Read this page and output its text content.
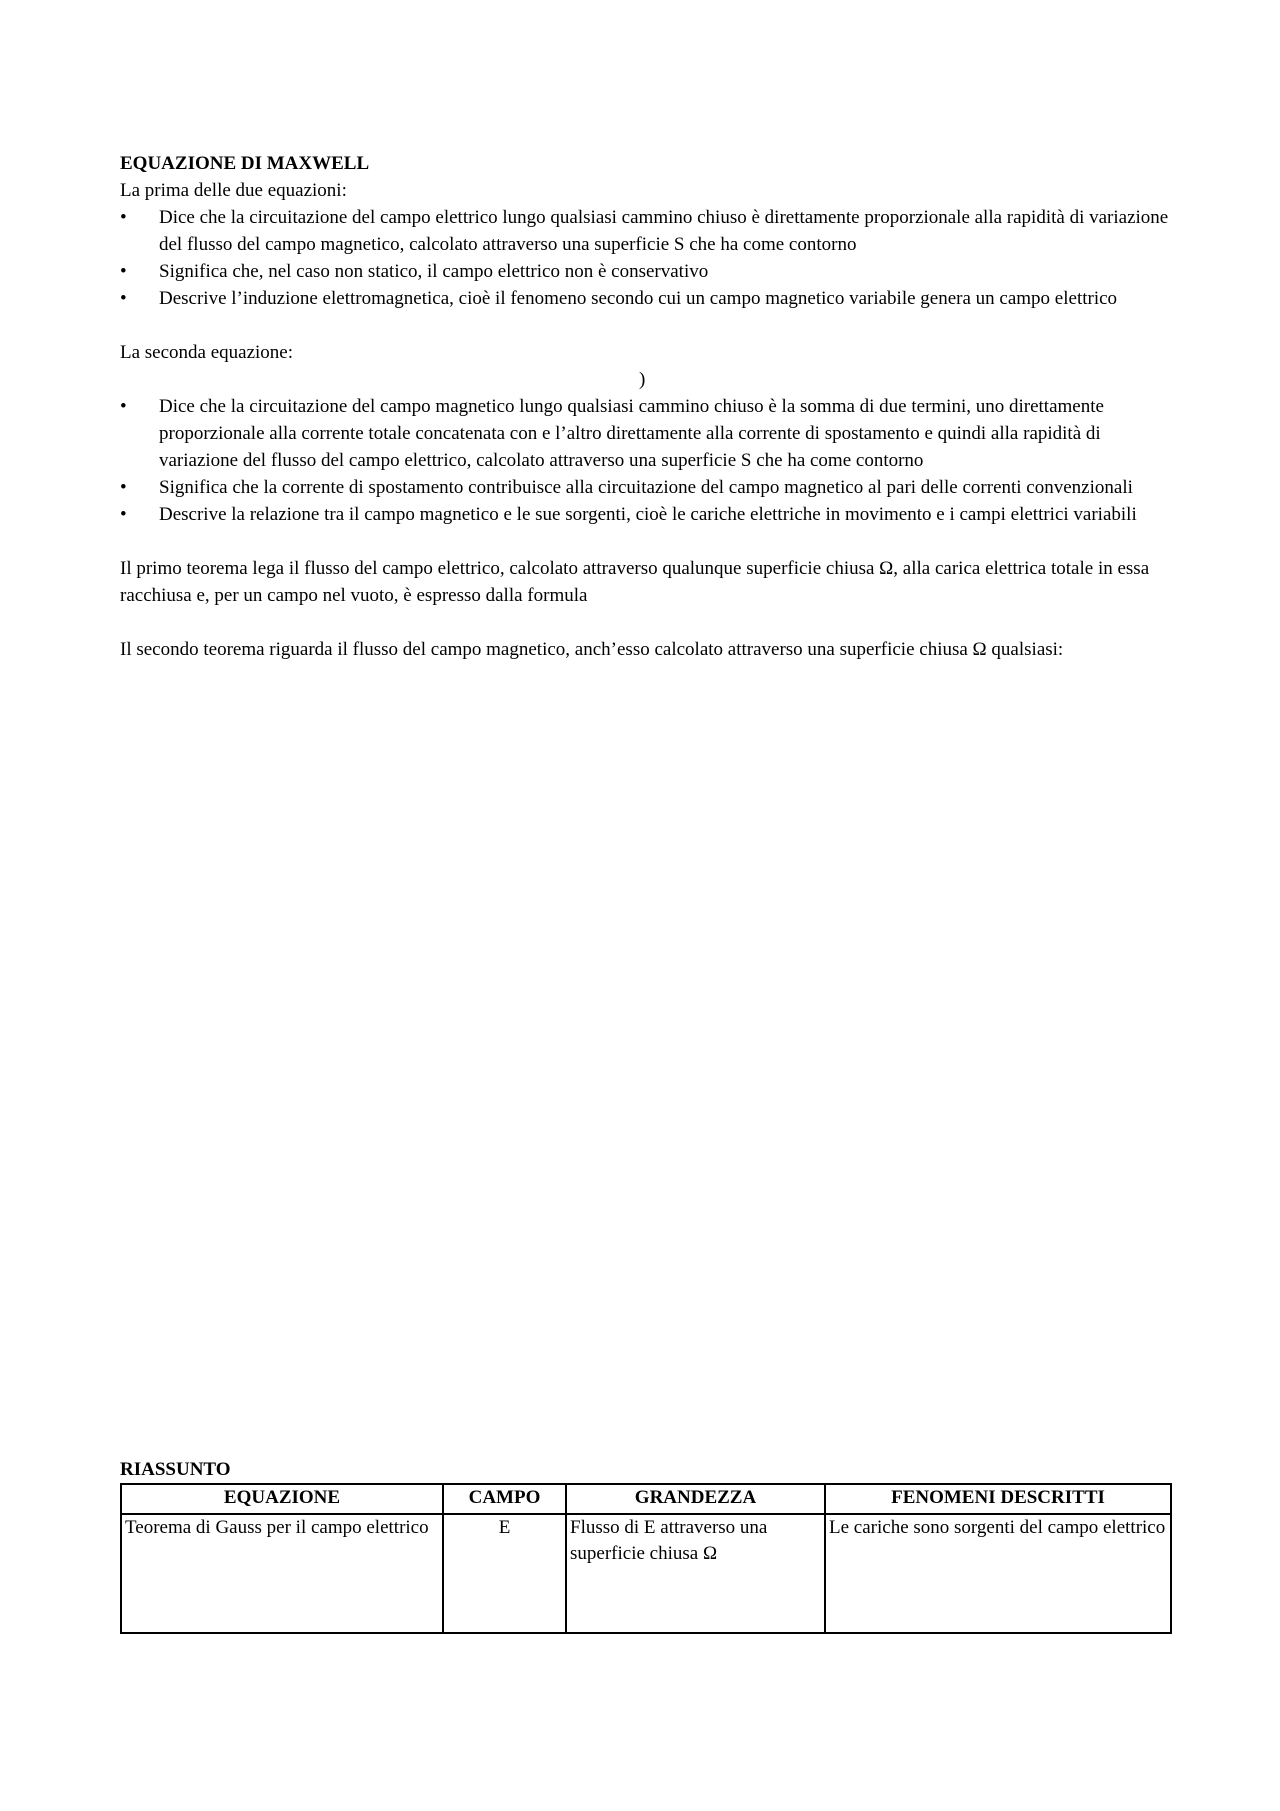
EQUAZIONE DI MAXWELL

La prima delle due equazioni:

• Dice che la circuitazione del campo elettrico lungo qualsiasi cammino chiuso è direttamente proporzionale alla rapidità di variazione del flusso del campo magnetico, calcolato attraverso una superficie S che ha come contorno
• Significa che, nel caso non statico, il campo elettrico non è conservativo
• Descrive l’induzione elettromagnetica, cioè il fenomeno secondo cui un campo magnetico variabile genera un campo elettrico

La seconda equazione:

)

• Dice che la circuitazione del campo magnetico lungo qualsiasi cammino chiuso è la somma di due termini, uno direttamente proporzionale alla corrente totale concatenata con e l’altro direttamente alla corrente di spostamento e quindi alla rapidità di variazione del flusso del campo elettrico, calcolato attraverso una superficie S che ha come contorno
• Significa che la corrente di spostamento contribuisce alla circuitazione del campo magnetico al pari delle correnti convenzionali
• Descrive la relazione tra il campo magnetico e le sue sorgenti, cioè le cariche elettriche in movimento e i campi elettrici variabili

Il primo teorema lega il flusso del campo elettrico, calcolato attraverso qualunque superficie chiusa Ω, alla carica elettrica totale in essa racchiusa e, per un campo nel vuoto, è espresso dalla formula

Il secondo teorema riguarda il flusso del campo magnetico, anch’esso calcolato attraverso una superficie chiusa Ω qualsiasi:

RIASSUNTO

EQUAZIONE	CAMPO	GRANDEZZA	FENOMENI DESCRITTI
Teorema di Gauss per il campo elettrico	E	Flusso di E attraverso una superficie chiusa Ω	Le cariche sono sorgenti del campo elettrico
